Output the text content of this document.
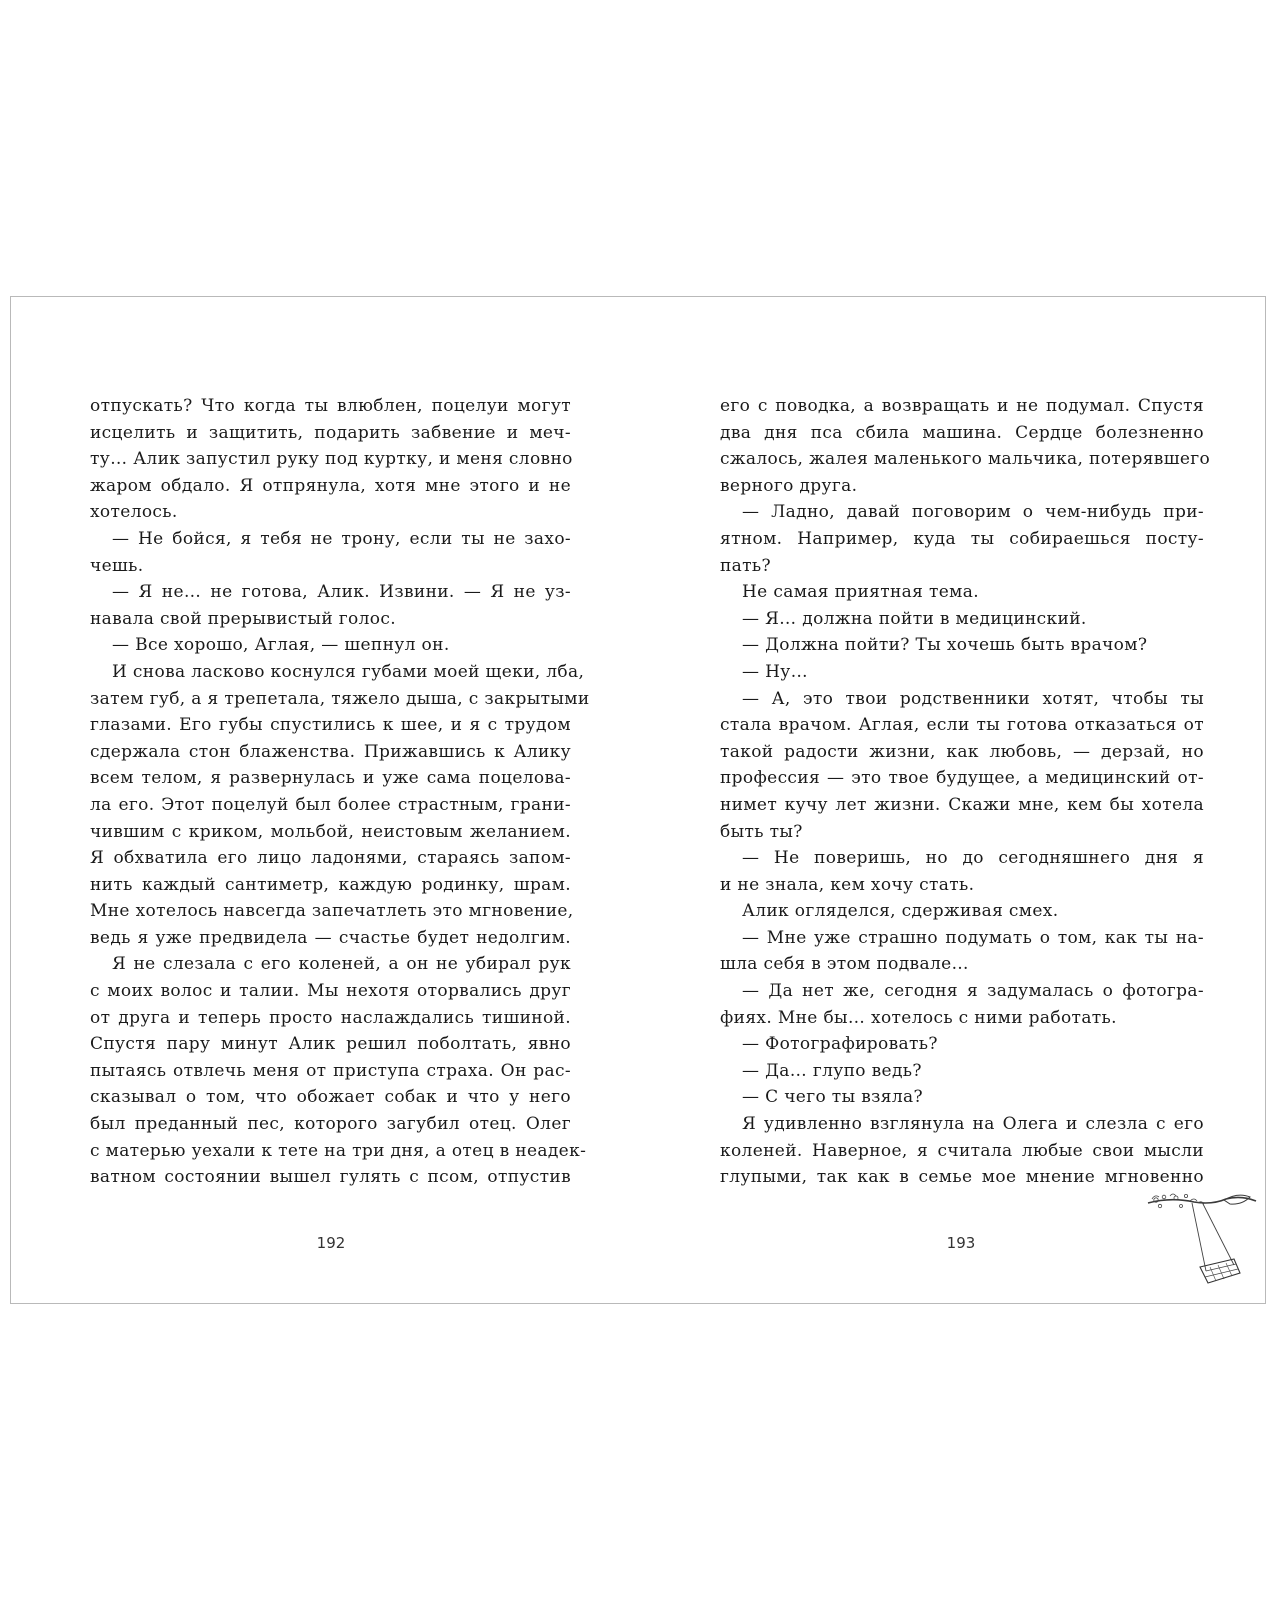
отпускать? Что когда ты влюблен, поцелуи могут

исцелить и защитить, подарить забвение и меч-

ту… Алик запустил руку под куртку, и меня словно

жаром обдало. Я отпрянула, хотя мне этого и не

хотелось.

— Не бойся, я тебя не трону, если ты не захо-

чешь.

— Я не… не готова, Алик. Извини. — Я не уз-

навала свой прерывистый голос.

— Все хорошо, Аглая, — шепнул он.

И снова ласково коснулся губами моей щеки, лба,

затем губ, а я трепетала, тяжело дыша, с закрытыми

глазами. Его губы спустились к шее, и я с трудом

сдержала стон блаженства. Прижавшись к Алику

всем телом, я развернулась и уже сама поцелова-

ла его. Этот поцелуй был более страстным, грани-

чившим с криком, мольбой, неистовым желанием.

Я обхватила его лицо ладонями, стараясь запом-

нить каждый сантиметр, каждую родинку, шрам.

Мне хотелось навсегда запечатлеть это мгновение,

ведь я уже предвидела — счастье будет недолгим.

Я не слезала с его коленей, а он не убирал рук

с моих волос и талии. Мы нехотя оторвались друг

от друга и теперь просто наслаждались тишиной.

Спустя пару минут Алик решил поболтать, явно

пытаясь отвлечь меня от приступа страха. Он рас-

сказывал о том, что обожает собак и что у него

был преданный пес, которого загубил отец. Олег

с матерью уехали к тете на три дня, а отец в неадек-

ватном состоянии вышел гулять с псом, отпустив

его с поводка, а возвращать и не подумал. Спустя

два дня пса сбила машина. Сердце болезненно

сжалось, жалея маленького мальчика, потерявшего

верного друга.

— Ладно, давай поговорим о чем-нибудь при-

ятном. Например, куда ты собираешься посту-

пать?

Не самая приятная тема.

— Я… должна пойти в медицинский.

— Должна пойти? Ты хочешь быть врачом?

— Ну…

— А, это твои родственники хотят, чтобы ты

стала врачом. Аглая, если ты готова отказаться от

такой радости жизни, как любовь, — дерзай, но

профессия — это твое будущее, а медицинский от-

нимет кучу лет жизни. Скажи мне, кем бы хотела

быть ты?

— Не поверишь, но до сегодняшнего дня я

и не знала, кем хочу стать.

Алик огляделся, сдерживая смех.

— Мне уже страшно подумать о том, как ты на-

шла себя в этом подвале…

— Да нет же, сегодня я задумалась о фотогра-

фиях. Мне бы… хотелось с ними работать.

— Фотографировать?

— Да… глупо ведь?

— С чего ты взяла?

Я удивленно взглянула на Олега и слезла с его

коленей. Наверное, я считала любые свои мысли

глупыми, так как в семье мое мнение мгновенно

192	193
